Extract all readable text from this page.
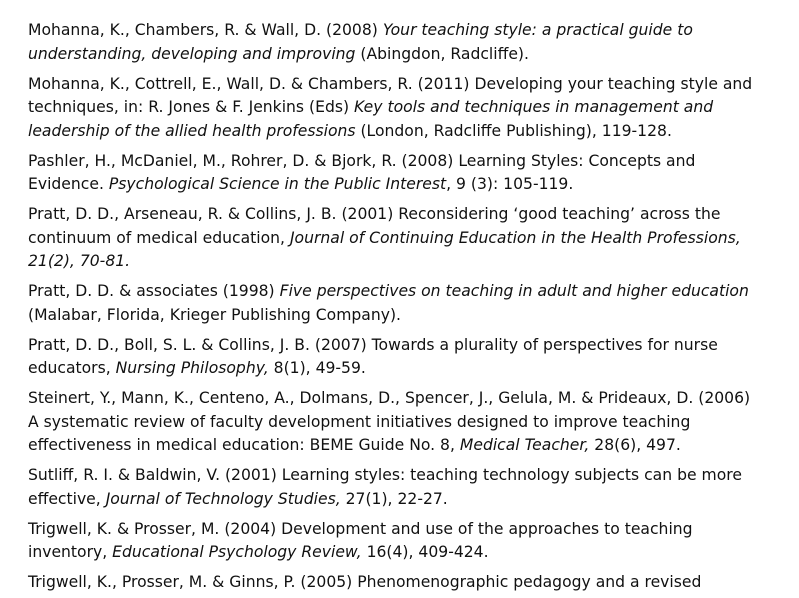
Mohanna, K., Chambers, R. & Wall, D. (2008) Your teaching style: a practical guide to
understanding, developing and improving (Abingdon, Radcliffe).

Mohanna, K., Cottrell, E., Wall, D. & Chambers, R. (2011) Developing your teaching style and
techniques, in: R. Jones & F. Jenkins (Eds) Key tools and techniques in management and
leadership of the allied health professions (London, Radcliffe Publishing), 119-128.

Pashler, H., McDaniel, M., Rohrer, D. & Bjork, R. (2008) Learning Styles: Concepts and
Evidence. Psychological Science in the Public Interest, 9 (3): 105-119.

Pratt, D. D., Arseneau, R. & Collins, J. B. (2001) Reconsidering ‘good teaching’ across the
continuum of medical education, Journal of Continuing Education in the Health Professions,
21(2), 70-81.

Pratt, D. D. & associates (1998) Five perspectives on teaching in adult and higher education
(Malabar, Florida, Krieger Publishing Company).

Pratt, D. D., Boll, S. L. & Collins, J. B. (2007) Towards a plurality of perspectives for nurse
educators, Nursing Philosophy, 8(1), 49-59.

Steinert, Y., Mann, K., Centeno, A., Dolmans, D., Spencer, J., Gelula, M. & Prideaux, D. (2006)
A systematic review of faculty development initiatives designed to improve teaching
effectiveness in medical education: BEME Guide No. 8, Medical Teacher, 28(6), 497.

Sutliff, R. I. & Baldwin, V. (2001) Learning styles: teaching technology subjects can be more
effective, Journal of Technology Studies, 27(1), 22-27.

Trigwell, K. & Prosser, M. (2004) Development and use of the approaches to teaching
inventory, Educational Psychology Review, 16(4), 409-424.

Trigwell, K., Prosser, M. & Ginns, P. (2005) Phenomenographic pedagogy and a revised
